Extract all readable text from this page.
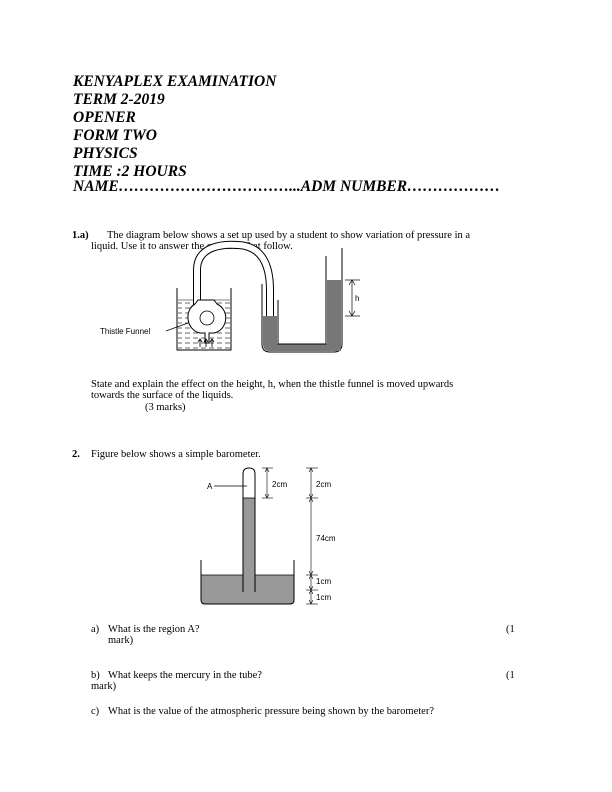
KENYAPLEX EXAMINATION
TERM 2-2019
OPENER
FORM TWO
PHYSICS
TIME :2 HOURS
NAME……………………………...ADM NUMBER………………
1.a) The diagram below shows a set up used by a student to show variation of pressure in a
liquid. Use it to answer the question that follow.
h
Thistle Funnel
State and explain the effect on the height, h, when the thistle funnel is moved upwards
towards the surface of the liquids.
(3 marks)
2. Figure below shows a simple barometer.
A	2cm	2cm
74cm
1cm
1cm
a) What is the region A?	(1
mark)
b) What keeps the mercury in the tube?	(1
mark)
c) What is the value of the atmospheric pressure being shown by the barometer?
